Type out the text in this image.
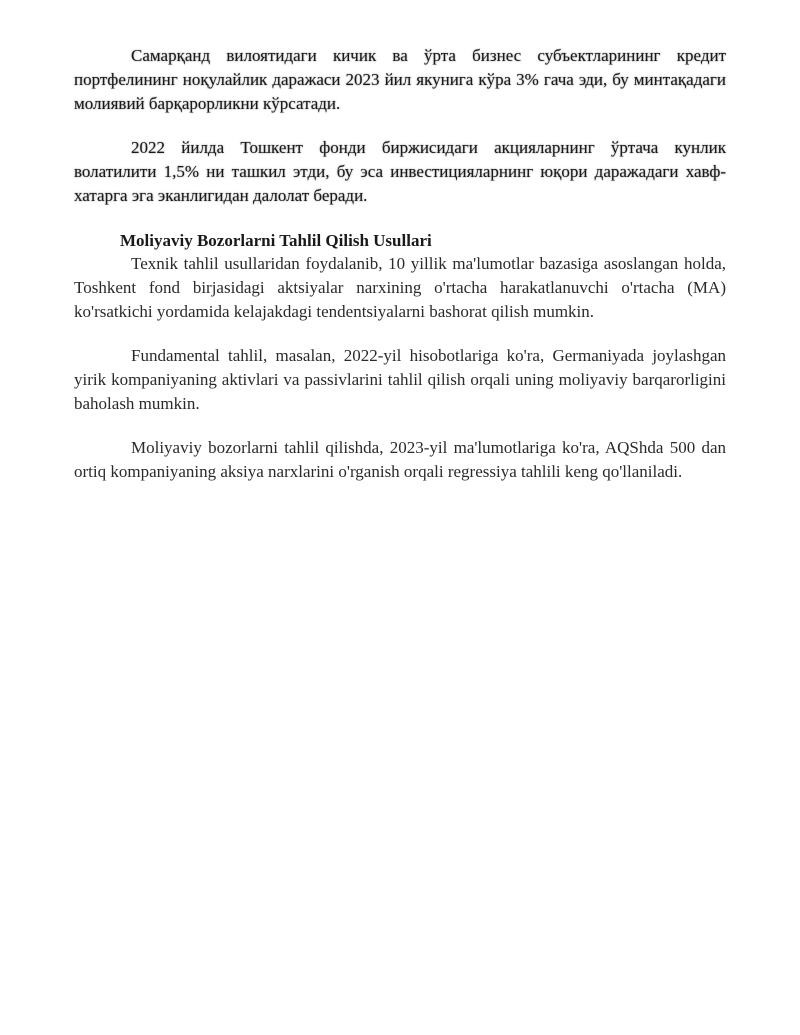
Самарқанд вилоятидаги кичик ва ўрта бизнес субъектларининг кредит портфелининг ноқулайлик даражаси 2023 йил якунига кўра 3% гача эди, бу минтақадаги молиявий барқарорликни кўрсатади.

2022 йилда Тошкент фонди биржисидаги акцияларнинг ўртача кунлик волатилити 1,5% ни ташкил этди, бу эса инвестицияларнинг юқори даражадаги хавф-хатарга эга эканлигидан далолат беради.

Moliyaviy Bozorlarni Tahlil Qilish Usullari

Texnik tahlil usullaridan foydalanib, 10 yillik ma'lumotlar bazasiga asoslangan holda, Toshkent fond birjasidagi aktsiyalar narxining o'rtacha harakatlanuvchi o'rtacha (MA) ko'rsatkichi yordamida kelajakdagi tendentsiyalarni bashorat qilish mumkin.

Fundamental tahlil, masalan, 2022-yil hisobotlariga ko'ra, Germaniyada joylashgan yirik kompaniyaning aktivlari va passivlarini tahlil qilish orqali uning moliyaviy barqarorligini baholash mumkin.

Moliyaviy bozorlarni tahlil qilishda, 2023-yil ma'lumotlariga ko'ra, AQShda 500 dan ortiq kompaniyaning aksiya narxlarini o'rganish orqali regressiya tahlili keng qo'llaniladi.
